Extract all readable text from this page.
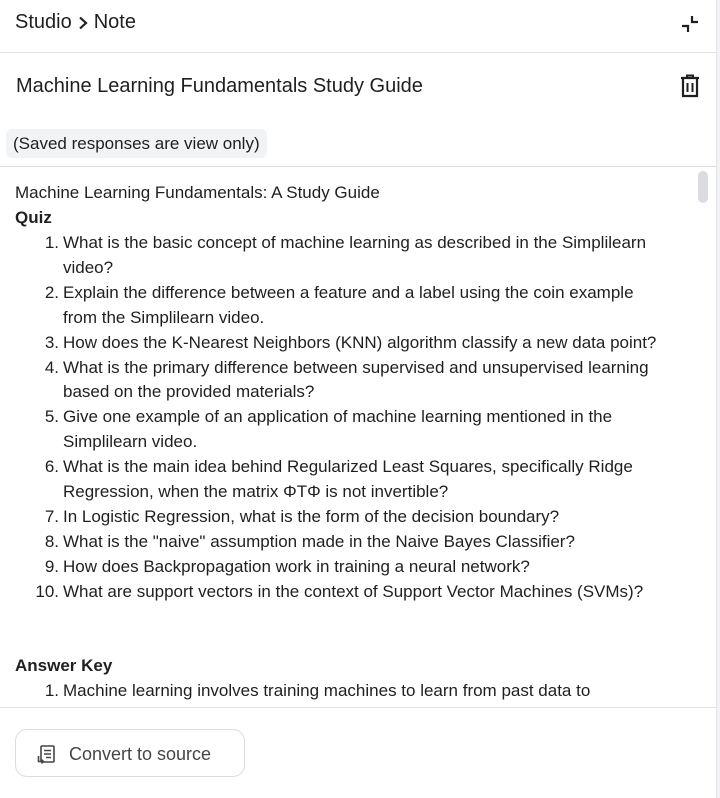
Studio Note
Machine Learning Fundamentals Study Guide
(Saved responses are view only)
Machine Learning Fundamentals: A Study Guide
Quiz
1. What is the basic concept of machine learning as described in the Simplilearn video?
2. Explain the difference between a feature and a label using the coin example from the Simplilearn video.
3. How does the K-Nearest Neighbors (KNN) algorithm classify a new data point?
4. What is the primary difference between supervised and unsupervised learning based on the provided materials?
5. Give one example of an application of machine learning mentioned in the Simplilearn video.
6. What is the main idea behind Regularized Least Squares, specifically Ridge Regression, when the matrix ΦTΦ is not invertible?
7. In Logistic Regression, what is the form of the decision boundary?
8. What is the "naive" assumption made in the Naive Bayes Classifier?
9. How does Backpropagation work in training a neural network?
10. What are support vectors in the context of Support Vector Machines (SVMs)?
Answer Key
1. Machine learning involves training machines to learn from past data to
Convert to source
